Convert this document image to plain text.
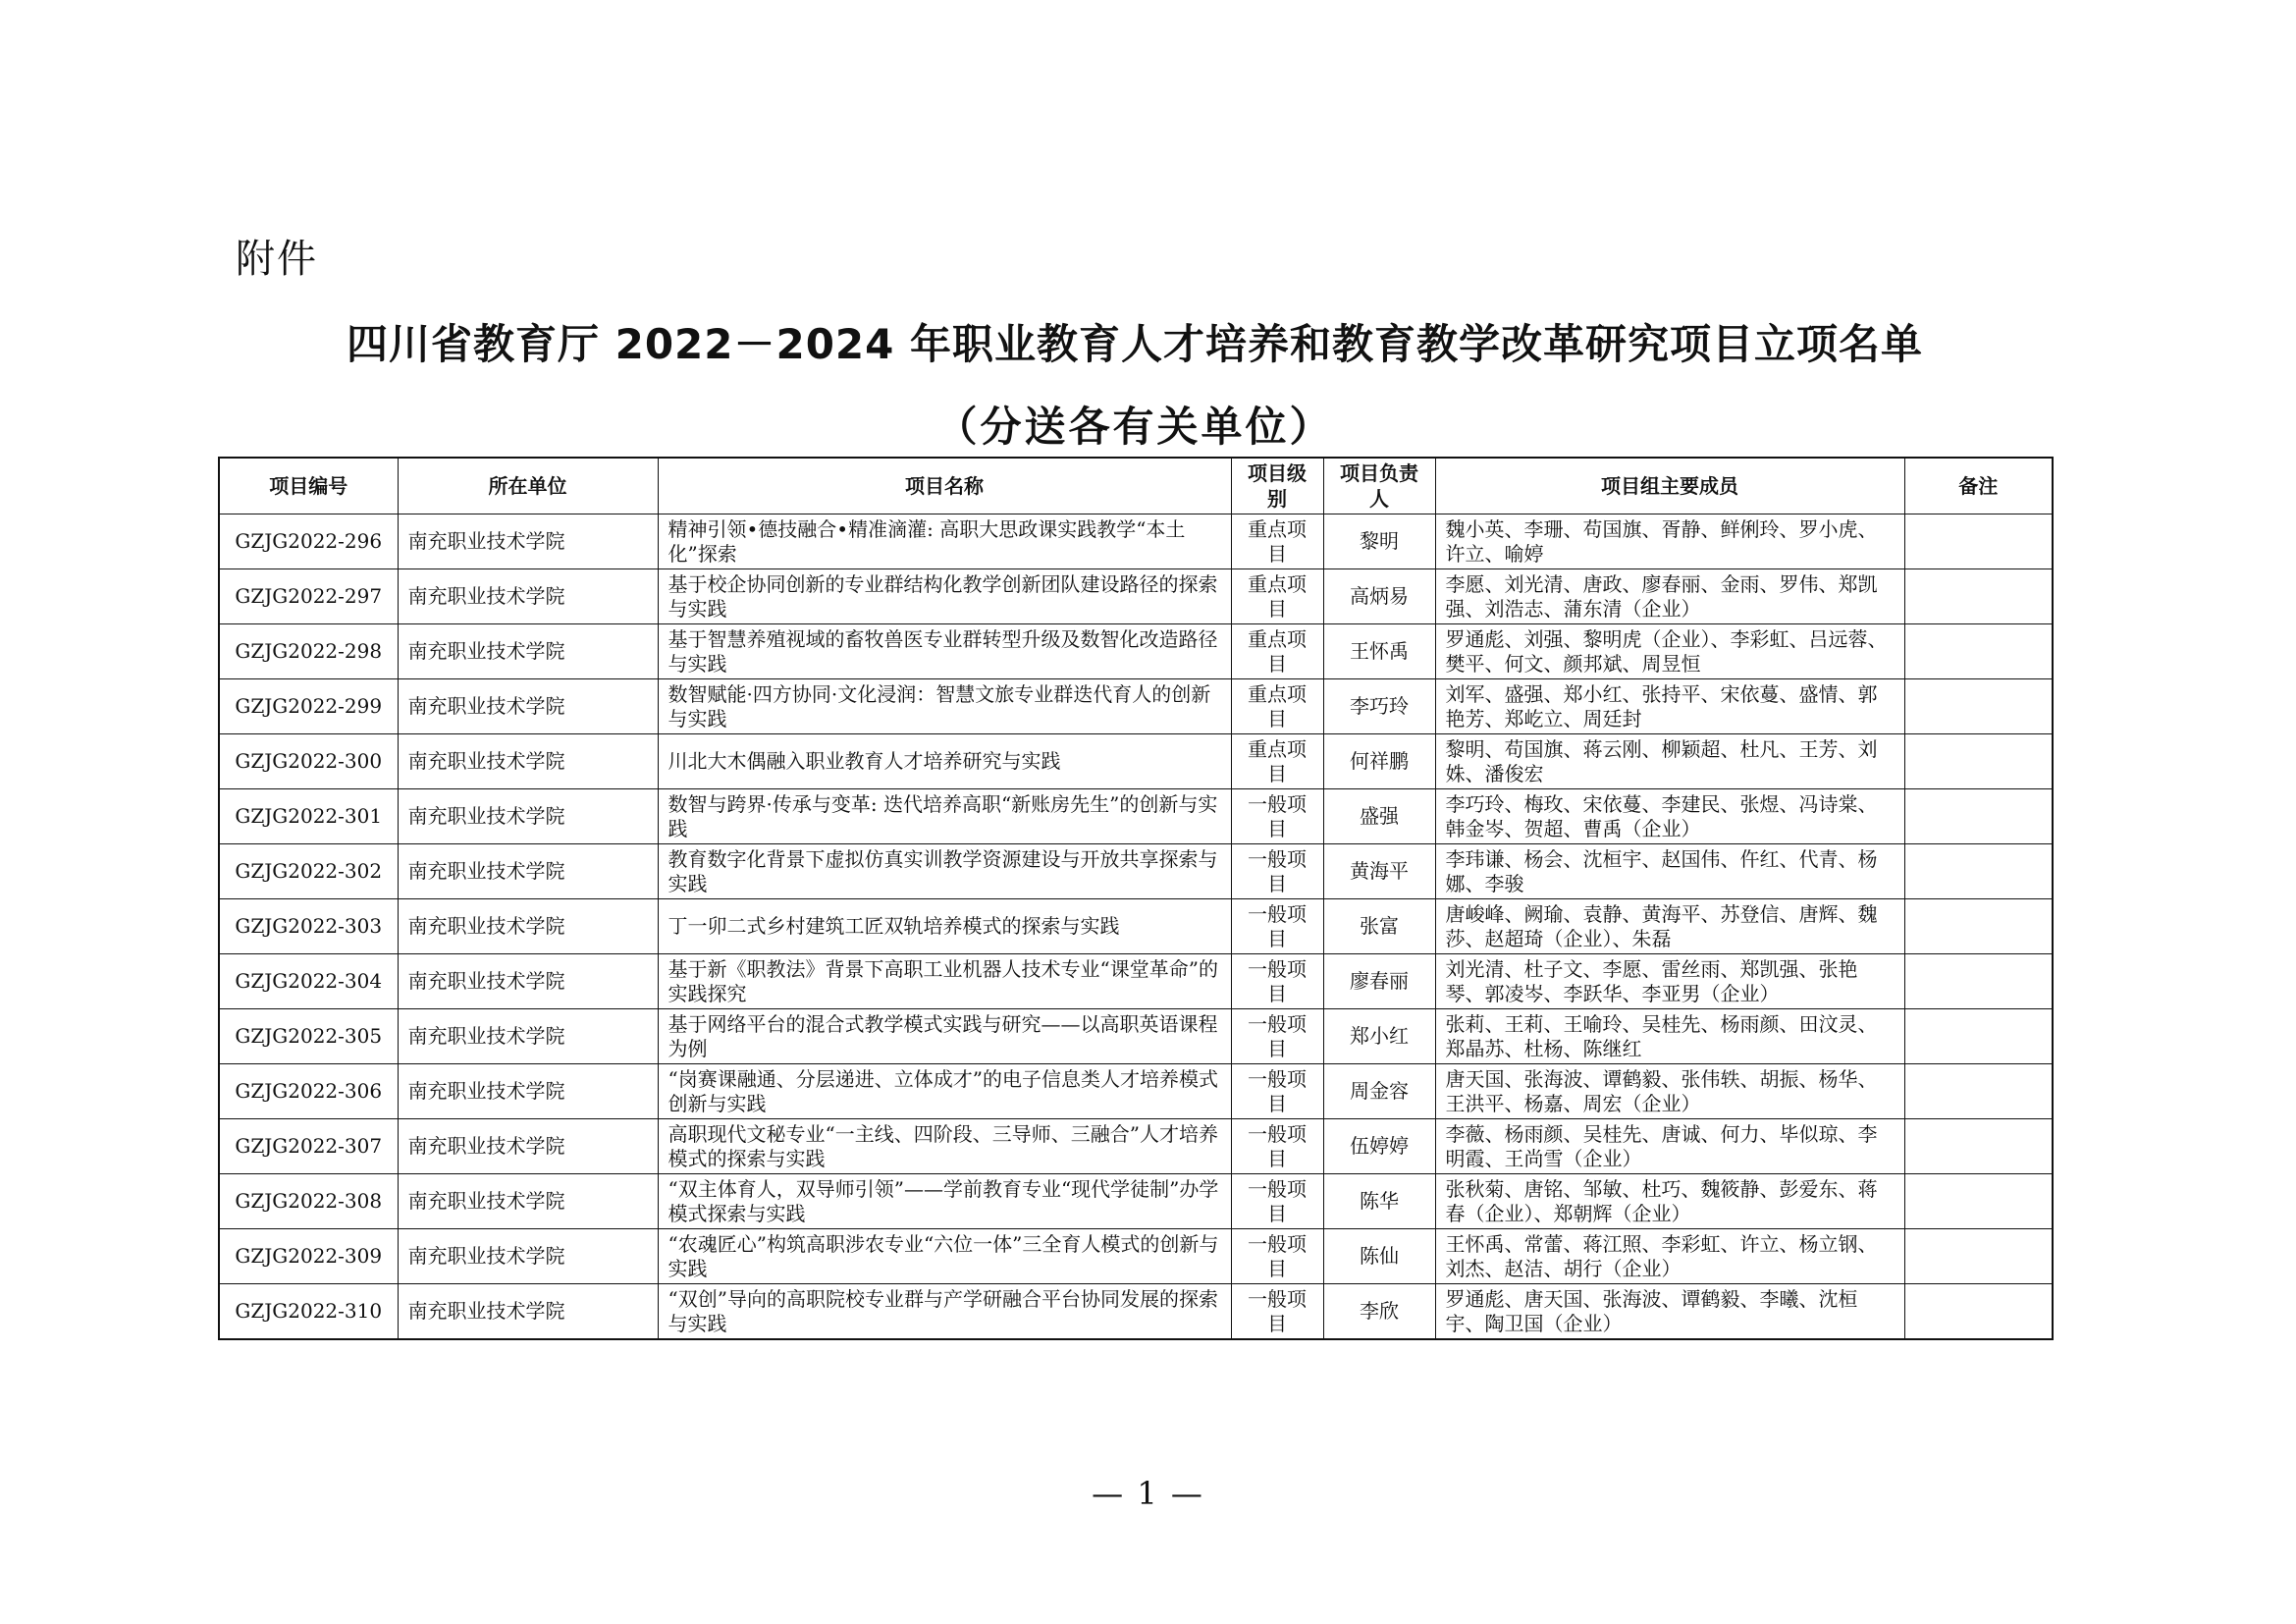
附件
四川省教育厅 2022－2024 年职业教育人才培养和教育教学改革研究项目立项名单
（分送各有关单位）
项目编号	所在单位	项目名称	项目级别	项目负责人	项目组主要成员	备注
GZJG2022-296	南充职业技术学院	精神引领•德技融合•精准滴灌: 高职大思政课实践教学“本土化”探索	重点项目	黎明	魏小英、李珊、苟国旗、胥静、鲜俐玲、罗小虎、许立、喻婷	
GZJG2022-297	南充职业技术学院	基于校企协同创新的专业群结构化教学创新团队建设路径的探索与实践	重点项目	高炳易	李愿、刘光清、唐政、廖春丽、金雨、罗伟、郑凯强、刘浩志、蒲东清（企业）	
GZJG2022-298	南充职业技术学院	基于智慧养殖视域的畜牧兽医专业群转型升级及数智化改造路径与实践	重点项目	王怀禹	罗通彪、刘强、黎明虎（企业）、李彩虹、吕远蓉、樊平、何文、颜邦斌、周昱恒	
GZJG2022-299	南充职业技术学院	数智赋能·四方协同·文化浸润：智慧文旅专业群迭代育人的创新与实践	重点项目	李巧玲	刘军、盛强、郑小红、张持平、宋依蔓、盛情、郭艳芳、郑屹立、周廷封	
GZJG2022-300	南充职业技术学院	川北大木偶融入职业教育人才培养研究与实践	重点项目	何祥鹏	黎明、苟国旗、蒋云刚、柳颖超、杜凡、王芳、刘姝、潘俊宏	
GZJG2022-301	南充职业技术学院	数智与跨界·传承与变革: 迭代培养高职“新账房先生”的创新与实践	一般项目	盛强	李巧玲、梅玫、宋依蔓、李建民、张煜、冯诗棠、韩金岑、贺超、曹禹（企业）	
GZJG2022-302	南充职业技术学院	教育数字化背景下虚拟仿真实训教学资源建设与开放共享探索与实践	一般项目	黄海平	李玮谦、杨会、沈桓宇、赵国伟、仵红、代青、杨娜、李骏	
GZJG2022-303	南充职业技术学院	丁一卯二式乡村建筑工匠双轨培养模式的探索与实践	一般项目	张富	唐峻峰、阙瑜、袁静、黄海平、苏登信、唐辉、魏莎、赵超琦（企业）、朱磊	
GZJG2022-304	南充职业技术学院	基于新《职教法》背景下高职工业机器人技术专业“课堂革命”的实践探究	一般项目	廖春丽	刘光清、杜子文、李愿、雷丝雨、郑凯强、张艳琴、郭凌岑、李跃华、李亚男（企业）	
GZJG2022-305	南充职业技术学院	基于网络平台的混合式教学模式实践与研究——以高职英语课程为例	一般项目	郑小红	张莉、王莉、王喻玲、吴桂先、杨雨颜、田汶灵、郑晶苏、杜杨、陈继红	
GZJG2022-306	南充职业技术学院	“岗赛课融通、分层递进、立体成才”的电子信息类人才培养模式创新与实践	一般项目	周金容	唐天国、张海波、谭鹤毅、张伟轶、胡振、杨华、王洪平、杨嘉、周宏（企业）	
GZJG2022-307	南充职业技术学院	高职现代文秘专业“一主线、四阶段、三导师、三融合”人才培养模式的探索与实践	一般项目	伍婷婷	李薇、杨雨颜、吴桂先、唐诚、何力、毕似琼、李明霞、王尚雪（企业）	
GZJG2022-308	南充职业技术学院	“双主体育人，双导师引领”——学前教育专业“现代学徒制”办学模式探索与实践	一般项目	陈华	张秋菊、唐铭、邹敏、杜巧、魏筱静、彭爱东、蒋春（企业）、郑朝辉（企业）	
GZJG2022-309	南充职业技术学院	“农魂匠心”构筑高职涉农专业“六位一体”三全育人模式的创新与实践	一般项目	陈仙	王怀禹、常蕾、蒋江照、李彩虹、许立、杨立钢、刘杰、赵洁、胡行（企业）	
GZJG2022-310	南充职业技术学院	“双创”导向的高职院校专业群与产学研融合平台协同发展的探索与实践	一般项目	李欣	罗通彪、唐天国、张海波、谭鹤毅、李曦、沈桓宇、陶卫国（企业）	
— 1 —
